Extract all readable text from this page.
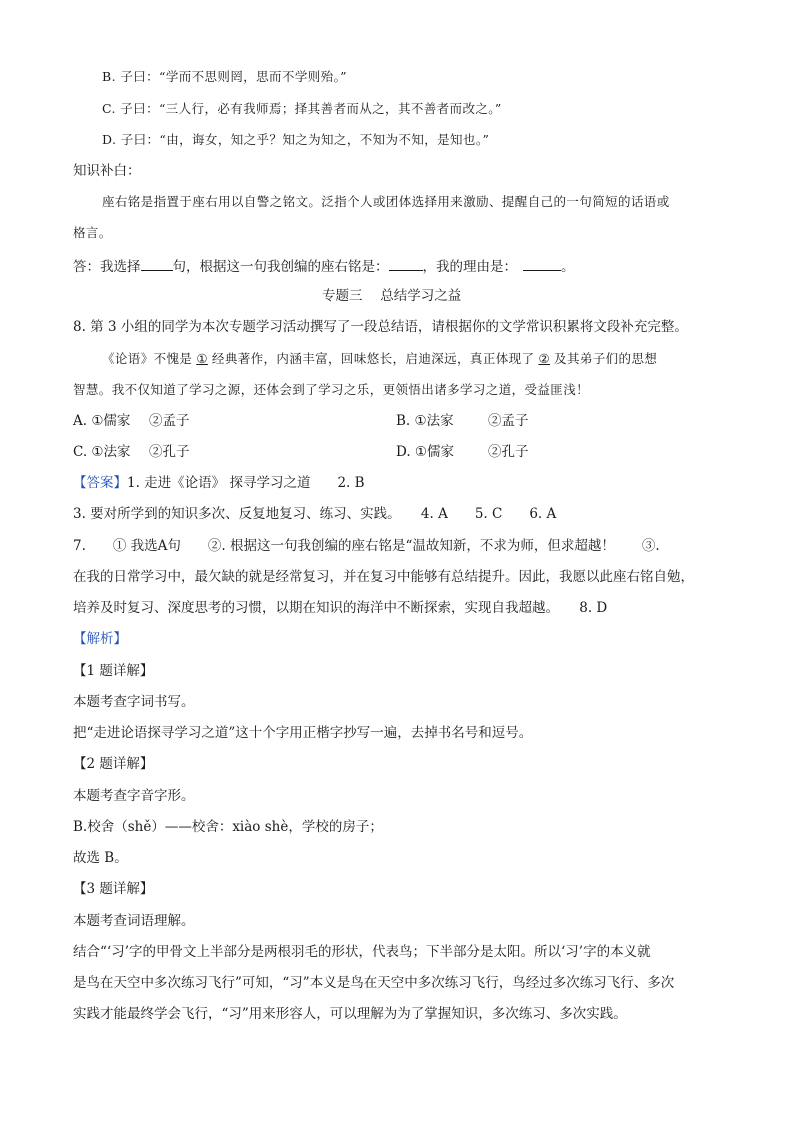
B. 子曰：“学而不思则罔，思而不学则殆。”
C. 子曰：“三人行，必有我师焉；择其善者而从之，其不善者而改之。”
D. 子曰：“由，诲女，知之乎？知之为知之，不知为不知，是知也。”
知识补白：
座右铭是指置于座右用以自警之铭文。泛指个人或团体选择用来激励、提醒自己的一句简短的话语或
格言。
答：我选择 句，根据这一句我创编的座右铭是：	，我的理由是：	。
专题三　 总结学习之益
8. 第 3 小组的同学为本次专题学习活动撰写了一段总结语，请根据你的文学常识积累将文段补充完整。
《论语》不愧是 ① 经典著作，内涵丰富，回味悠长，启迪深远，真正体现了 ② 及其弟子们的思想
智慧。我不仅知道了学习之源，还体会到了学习之乐，更领悟出诸多学习之道，受益匪浅！
A. ①儒家 ②孟子	B. ①法家	②孟子
C. ①法家 ②孔子	D. ①儒家	②孔子
【答案】1. 走进《论语》 探寻学习之道　　2. B
3. 要对所学到的知识多次、反复地复习、练习、实践。　　4. A　　5. C　　6. A
7.　　① 我选A句　　②. 根据这一句我创编的座右铭是“温故知新，不求为师，但求超越！　　③.
在我的日常学习中，最欠缺的就是经常复习，并在复习中能够有总结提升。因此，我愿以此座右铭自勉，
培养及时复习、深度思考的习惯，以期在知识的海洋中不断探索，实现自我超越。　　8. D
【解析】
【1 题详解】
本题考查字词书写。
把“走进论语探寻学习之道”这十个字用正楷字抄写一遍，去掉书名号和逗号。
【2 题详解】
本题考查字音字形。
B.校舍（shě）——校舍：xiào shè，学校的房子；
故选 B。
【3 题详解】
本题考查词语理解。
结合“‘习’字的甲骨文上半部分是两根羽毛的形状，代表鸟；下半部分是太阳。所以‘习’字的本义就
是鸟在天空中多次练习飞行”可知，“习”本义是鸟在天空中多次练习飞行，鸟经过多次练习飞行、多次
实践才能最终学会飞行，“习”用来形容人，可以理解为为了掌握知识，多次练习、多次实践。
